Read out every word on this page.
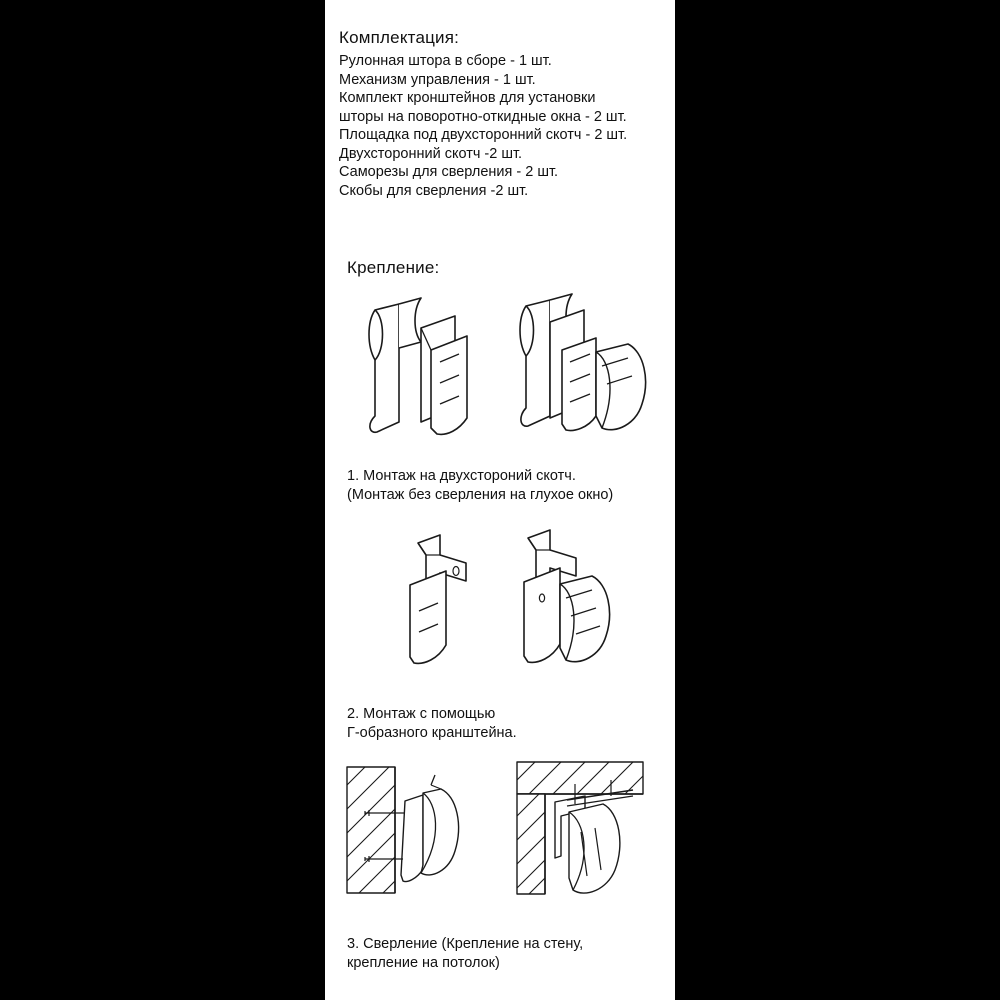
Комплектация:
Рулонная штора в сборе - 1 шт.
Механизм управления - 1 шт.
Комплект кронштейнов для установки
шторы на поворотно-откидные окна - 2 шт.
Площадка под двухсторонний скотч - 2 шт.
Двухсторонний скотч -2 шт.
Саморезы для сверления - 2 шт.
Скобы для сверления -2 шт.
Крепление:
1. Монтаж на двухстороний скотч.
(Монтаж без сверления на глухое окно)
2. Монтаж с помощью
Г-образного кранштейна.
3. Сверление (Крепление на стену,
крепление на потолок)
